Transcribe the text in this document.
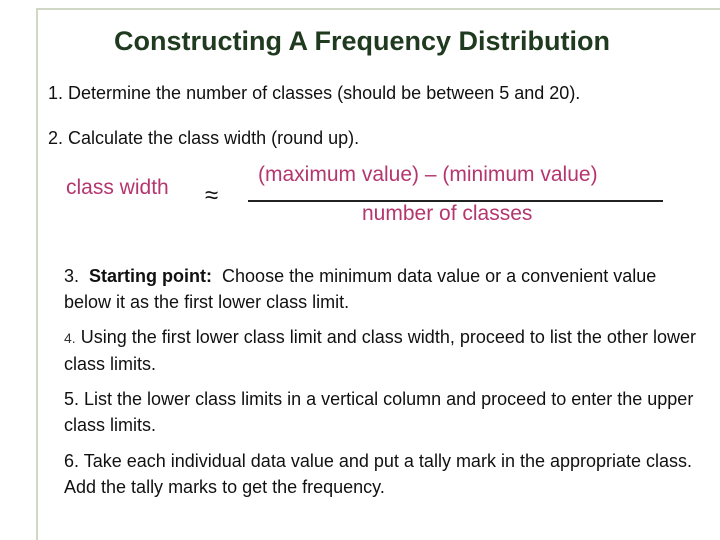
Constructing A Frequency Distribution
1. Determine the number of classes (should be between 5 and 20).
2. Calculate the class width (round up).
class width ≈
(maximum value) – (minimum value)
number of classes
3. Starting point: Choose the minimum data value or a convenient value below it as the first lower class limit.
4. Using the first lower class limit and class width, proceed to list the other lower class limits.
5. List the lower class limits in a vertical column and proceed to enter the upper class limits.
6. Take each individual data value and put a tally mark in the appropriate class. Add the tally marks to get the frequency.
